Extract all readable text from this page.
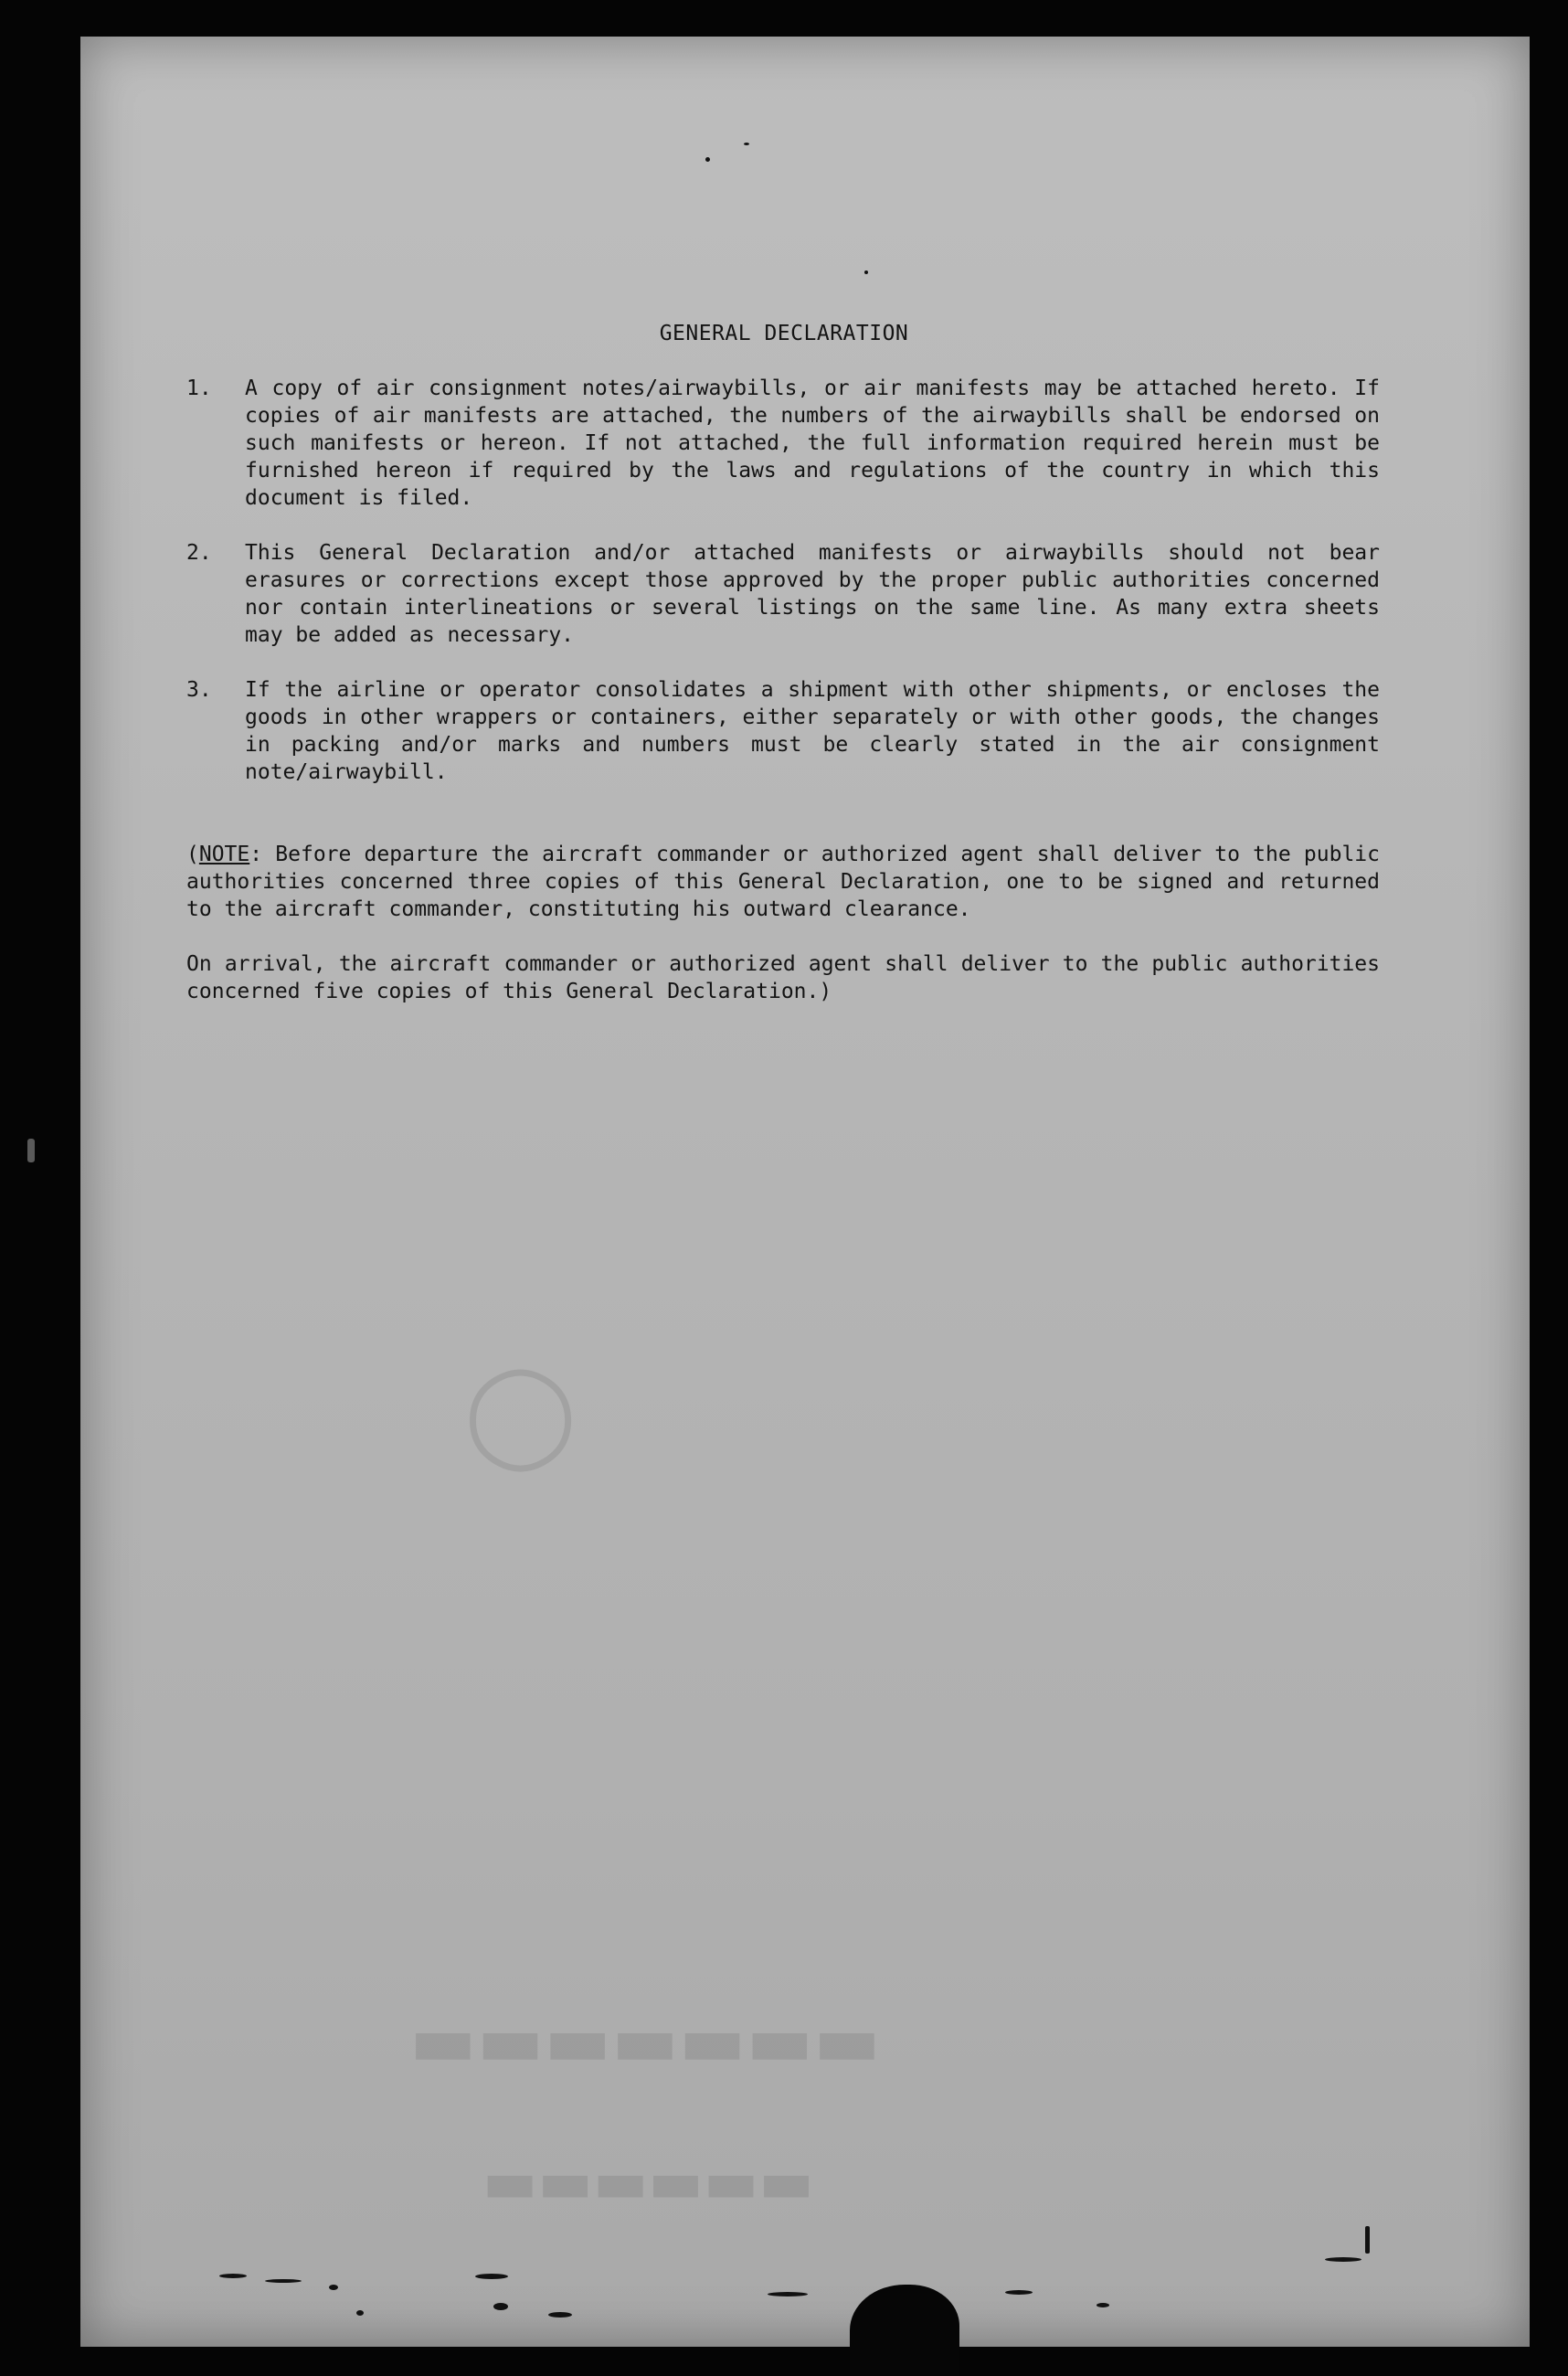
▬▬▬▬▬▬▬
▬▬▬▬▬▬
◯
GENERAL DECLARATION
1. A copy of air consignment notes/airwaybills, or air manifests may be attached hereto. If copies of air manifests are attached, the numbers of the airwaybills shall be endorsed on such manifests or hereon. If not attached, the full information required herein must be furnished hereon if required by the laws and regulations of the country in which this document is filed.
2. This General Declaration and/or attached manifests or airwaybills should not bear erasures or corrections except those approved by the proper public authorities concerned nor contain interlineations or several listings on the same line. As many extra sheets may be added as necessary.
3. If the airline or operator consolidates a shipment with other shipments, or encloses the goods in other wrappers or containers, either separately or with other goods, the changes in packing and/or marks and numbers must be clearly stated in the air consignment note/airwaybill.
(NOTE: Before departure the aircraft commander or authorized agent shall deliver to the public authorities concerned three copies of this General Declaration, one to be signed and returned to the aircraft commander, constituting his outward clearance.
On arrival, the aircraft commander or authorized agent shall deliver to the public authorities concerned five copies of this General Declaration.)
